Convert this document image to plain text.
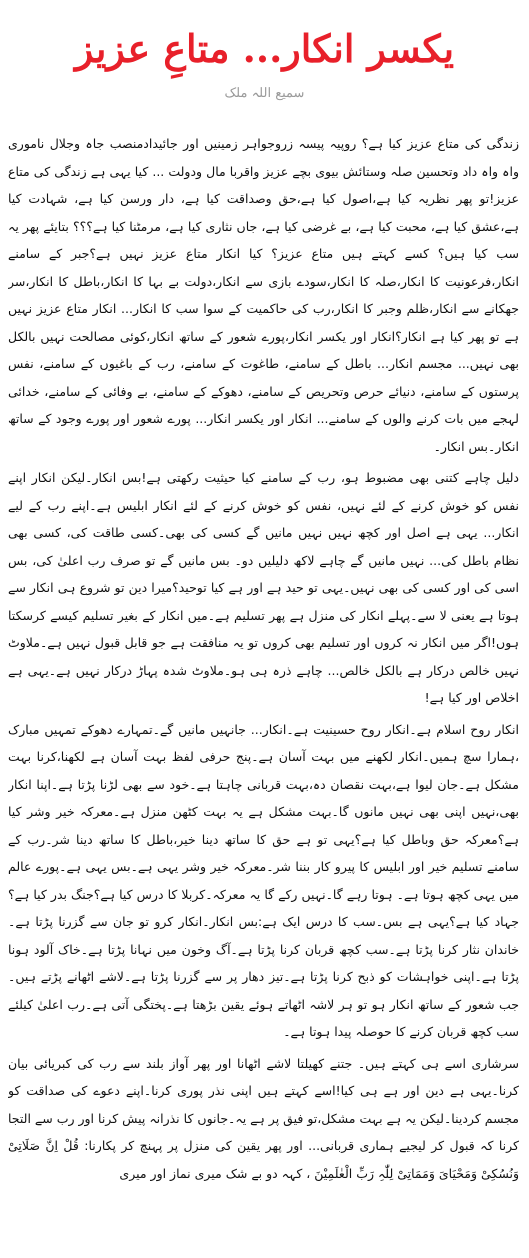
یکسر انکار... متاعِ عزیز
سمیع اللہ ملک

زندگی کی متاع عزیز کیا ہے؟ روپیہ پیسہ زروجواہر زمینیں اور جائیدادمنصب جاہ وجلال ناموری واہ واہ داد وتحسین صلہ وستائش بیوی بچے عزیز واقربا مال ودولت ... کیا یہی ہے زندگی کی متاع عزیز!تو پھر نظریہ کیا ہے،اصول کیا ہے،حق وصداقت کیا ہے، دار ورسن کیا ہے، شہادت کیا ہے،عشق کیا ہے، محبت کیا ہے، بے غرضی کیا ہے، جاں نثاری کیا ہے، مرمٹنا کیا ہے؟؟؟ بتایئے پھر یہ سب کیا ہیں؟ کسے کہتے ہیں متاع عزیز؟ کیا انکار متاع عزیز نہیں ہے؟جبر کے سامنے انکار،فرعونیت کا انکار،صلہ کا انکار،سودے بازی سے انکار،دولت بے بہا کا انکار،باطل کا انکار،سر جھکانے سے انکار،ظلم وجبر کا انکار،رب کی حاکمیت کے سوا سب کا انکار... انکار متاع عزیز نہیں ہے تو پھر کیا ہے انکار؟انکار اور یکسر انکار،پورے شعور کے ساتھ انکار،کوئی مصالحت نہیں بالکل بھی نہیں... مجسم انکار... باطل کے سامنے، طاغوت کے سامنے، رب کے باغیوں کے سامنے، نفس پرستوں کے سامنے، دنیائے حرص وتحریص کے سامنے، دھوکے کے سامنے، بے وفائی کے سامنے، خدائی لہجے میں بات کرنے والوں کے سامنے... انکار اور یکسر انکار... پورے شعور اور پورے وجود کے ساتھ انکار۔بس انکار۔

دلیل چاہے کتنی بھی مضبوط ہو، رب کے سامنے کیا حیثیت رکھتی ہے!بس انکار۔لیکن انکار اپنے نفس کو خوش کرنے کے لئے نہیں، نفس کو خوش کرنے کے لئے انکار ابلیس ہے۔اپنے رب کے لیے انکار... یہی ہے اصل اور کچھ نہیں نہیں مانیں گے کسی کی بھی۔کسی طاقت کی، کسی بھی نظام باطل کی... نہیں مانیں گے چاہے لاکھ دلیلیں دو۔ بس مانیں گے تو صرف رب اعلیٰ کی، بس اسی کی اور کسی کی بھی نہیں۔یہی تو حید ہے اور ہے کیا توحید؟میرا دین تو شروع ہی انکار سے ہوتا ہے یعنی لا سے۔پہلے انکار کی منزل ہے پھر تسلیم ہے۔میں انکار کے بغیر تسلیم کیسے کرسکتا ہوں!اگر میں انکار نہ کروں اور تسلیم بھی کروں تو یہ منافقت ہے جو قابل قبول نہیں ہے۔ملاوٹ نہیں خالص درکار ہے بالکل خالص... چاہے ذرہ ہی ہو۔ملاوٹ شدہ پہاڑ درکار نہیں ہے۔یہی ہے اخلاص اور کیا ہے!

انکار روح اسلام ہے۔انکار روح حسینیت ہے۔انکار... جانہیں مانیں گے۔تمہارے دھوکے تمہیں مبارک ،ہمارا سچ ہمیں۔انکار لکھنے میں بہت آسان ہے۔پنج حرفی لفظ بہت آسان ہے لکھنا،کرنا بہت مشکل ہے۔جان لیوا ہے،بہت نقصان دہ،بہت قربانی چاہتا ہے۔خود سے بھی لڑنا پڑتا ہے۔اپنا انکار بھی،نہیں اپنی بھی نہیں مانوں گا۔بہت مشکل ہے یہ بہت کٹھن منزل ہے۔معرکہ خیر وشر کیا ہے؟معرکہ حق وباطل کیا ہے؟یہی تو ہے حق کا ساتھ دینا خیر،باطل کا ساتھ دینا شر۔رب کے سامنے تسلیم خیر اور ابلیس کا پیرو کار بننا شر۔معرکہ خیر وشر یہی ہے۔بس یہی ہے۔پورے عالم میں یہی کچھ ہوتا ہے۔ ہوتا رہے گا۔نہیں رکے گا یہ معرکہ۔کربلا کا درس کیا ہے؟جنگ بدر کیا ہے؟جہاد کیا ہے؟یہی ہے بس۔سب کا درس ایک ہے:بس انکار۔انکار کرو تو جان سے گزرنا پڑتا ہے۔خاندان نثار کرنا پڑتا ہے۔سب کچھ قربان کرنا پڑتا ہے۔آگ وخون میں نہانا پڑتا ہے۔خاک آلود ہونا پڑتا ہے۔اپنی خواہشات کو ذبح کرنا پڑتا ہے۔تیز دھار پر سے گزرنا پڑتا ہے۔لاشے اٹھانے پڑتے ہیں۔جب شعور کے ساتھ انکار ہو تو ہر لاشہ اٹھاتے ہوئے یقین بڑھتا ہے۔پختگی آتی ہے۔رب اعلیٰ کیلئے سب کچھ قربان کرنے کا حوصلہ پیدا ہوتا ہے۔

سرشاری اسے ہی کہتے ہیں۔ جتنے کھیلتا لاشے اٹھانا اور پھر آواز بلند سے رب کی کبریائی بیان کرنا۔یہی ہے دین اور ہے ہی کیا!اسے کہتے ہیں اپنی نذر پوری کرنا۔اپنے دعوے کی صداقت کو مجسم کردینا۔لیکن یہ ہے بہت مشکل،تو فیق پر ہے یہ۔جانوں کا نذرانہ پیش کرنا اور رب سے التجا کرنا کہ قبول کر لیجیے ہماری قربانی... اور پھر یقین کی منزل پر پہنچ کر پکارنا: قُلْ اِنَّ صَلَاتِیْ وَنُسُکِیْ وَمَحْیَایَ وَمَمَاتِیْ لِلّٰہِ رَبِّ الْعٰلَمِیْنَ ، کہہ دو بے شک میری نماز اور میری
